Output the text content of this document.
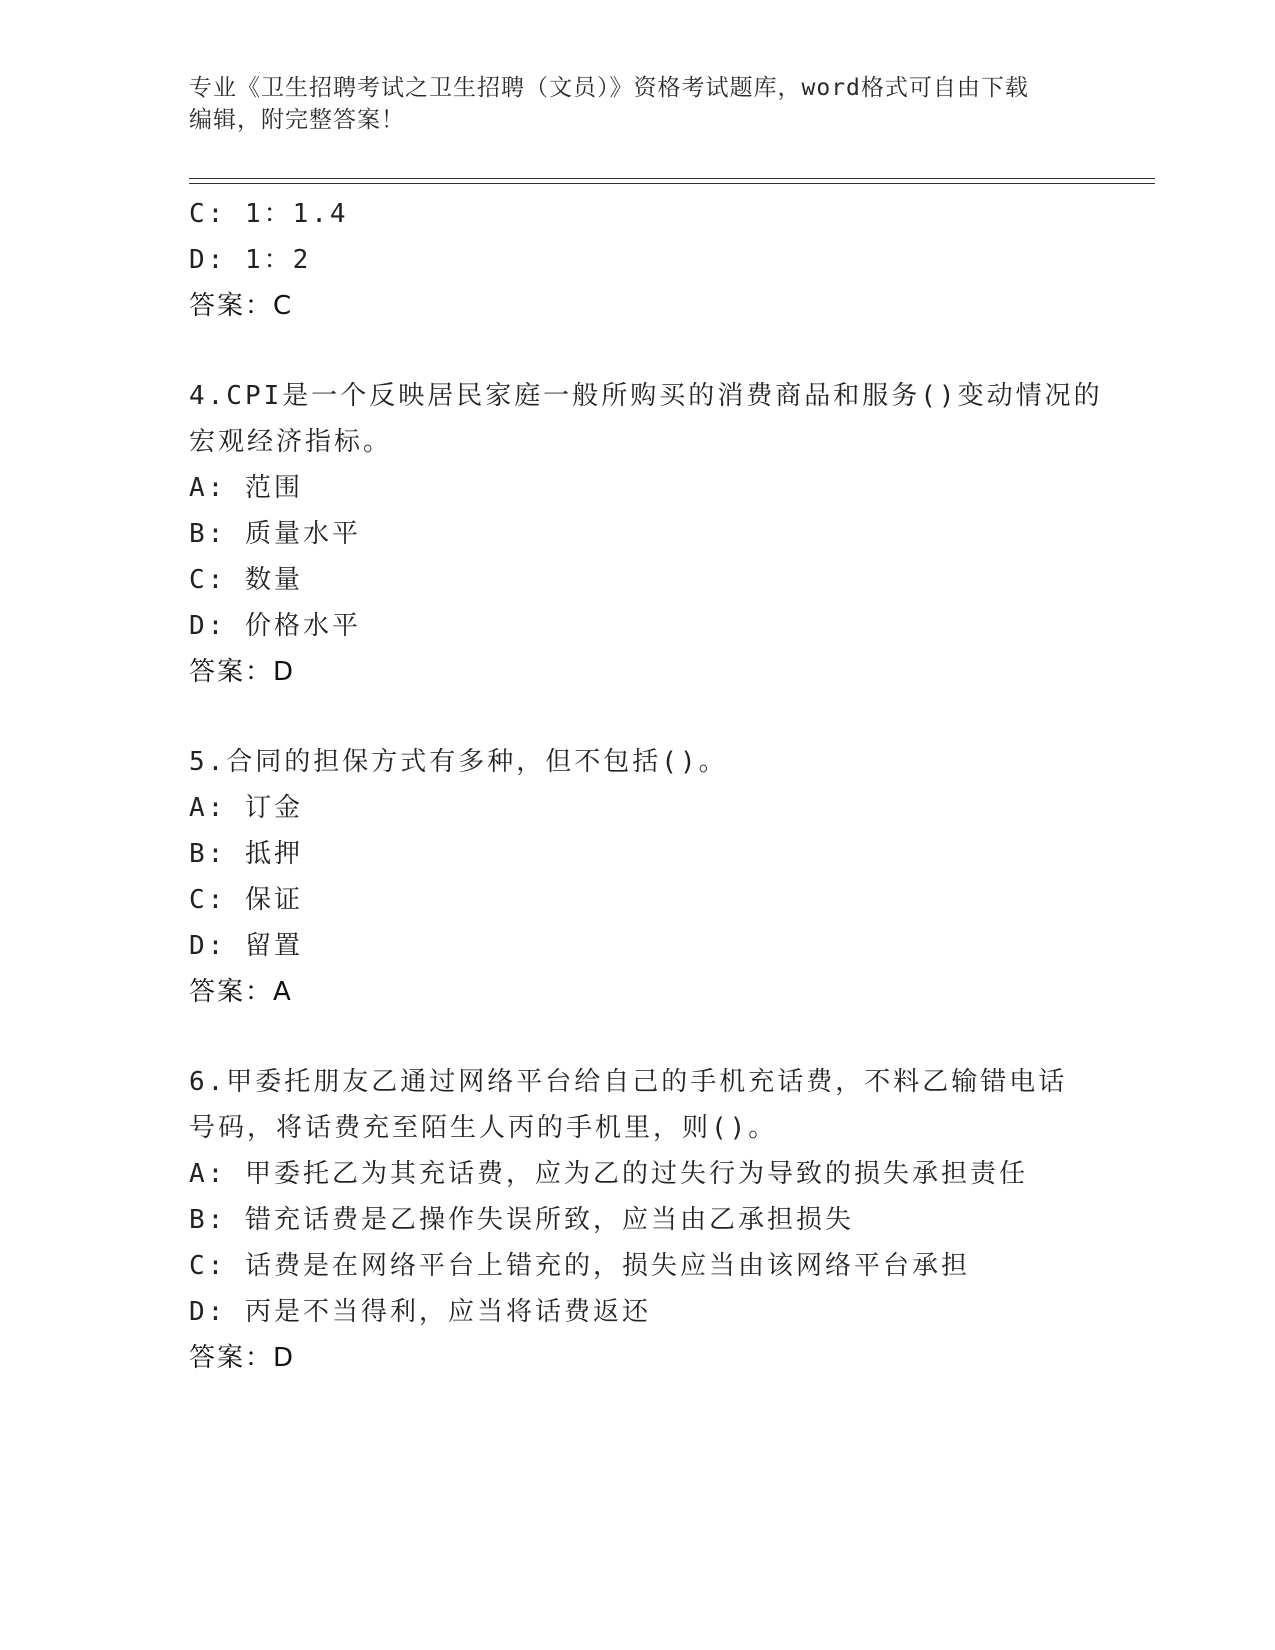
专业《卫生招聘考试之卫生招聘（文员）》资格考试题库，word格式可自由下载
编辑，附完整答案！
C: 1：1.4
D: 1：2
答案：C
4.CPI是一个反映居民家庭一般所购买的消费商品和服务()变动情况的
宏观经济指标。
A: 范围
B: 质量水平
C: 数量
D: 价格水平
答案：D
5.合同的担保方式有多种，但不包括()。
A: 订金
B: 抵押
C: 保证
D: 留置
答案：A
6.甲委托朋友乙通过网络平台给自己的手机充话费，不料乙输错电话
号码，将话费充至陌生人丙的手机里，则()。
A: 甲委托乙为其充话费，应为乙的过失行为导致的损失承担责任
B: 错充话费是乙操作失误所致，应当由乙承担损失
C: 话费是在网络平台上错充的，损失应当由该网络平台承担
D: 丙是不当得利，应当将话费返还
答案：D
